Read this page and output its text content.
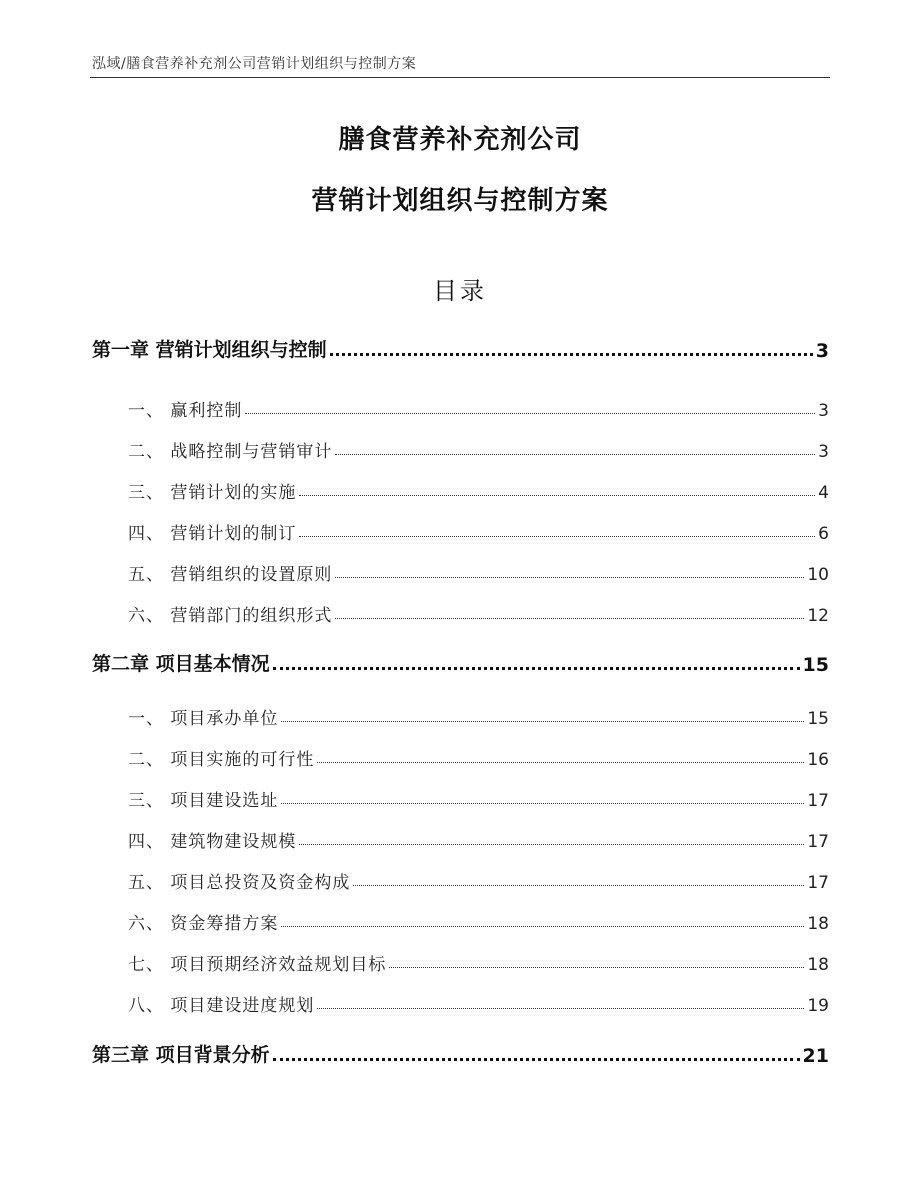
泓域/膳食营养补充剂公司营销计划组织与控制方案
膳食营养补充剂公司
营销计划组织与控制方案
目录
第一章 营销计划组织与控制	3
一、 赢利控制	3
二、 战略控制与营销审计	3
三、 营销计划的实施	4
四、 营销计划的制订	6
五、 营销组织的设置原则	10
六、 营销部门的组织形式	12
第二章 项目基本情况	15
一、 项目承办单位	15
二、 项目实施的可行性	16
三、 项目建设选址	17
四、 建筑物建设规模	17
五、 项目总投资及资金构成	17
六、 资金筹措方案	18
七、 项目预期经济效益规划目标	18
八、 项目建设进度规划	19
第三章 项目背景分析	21
